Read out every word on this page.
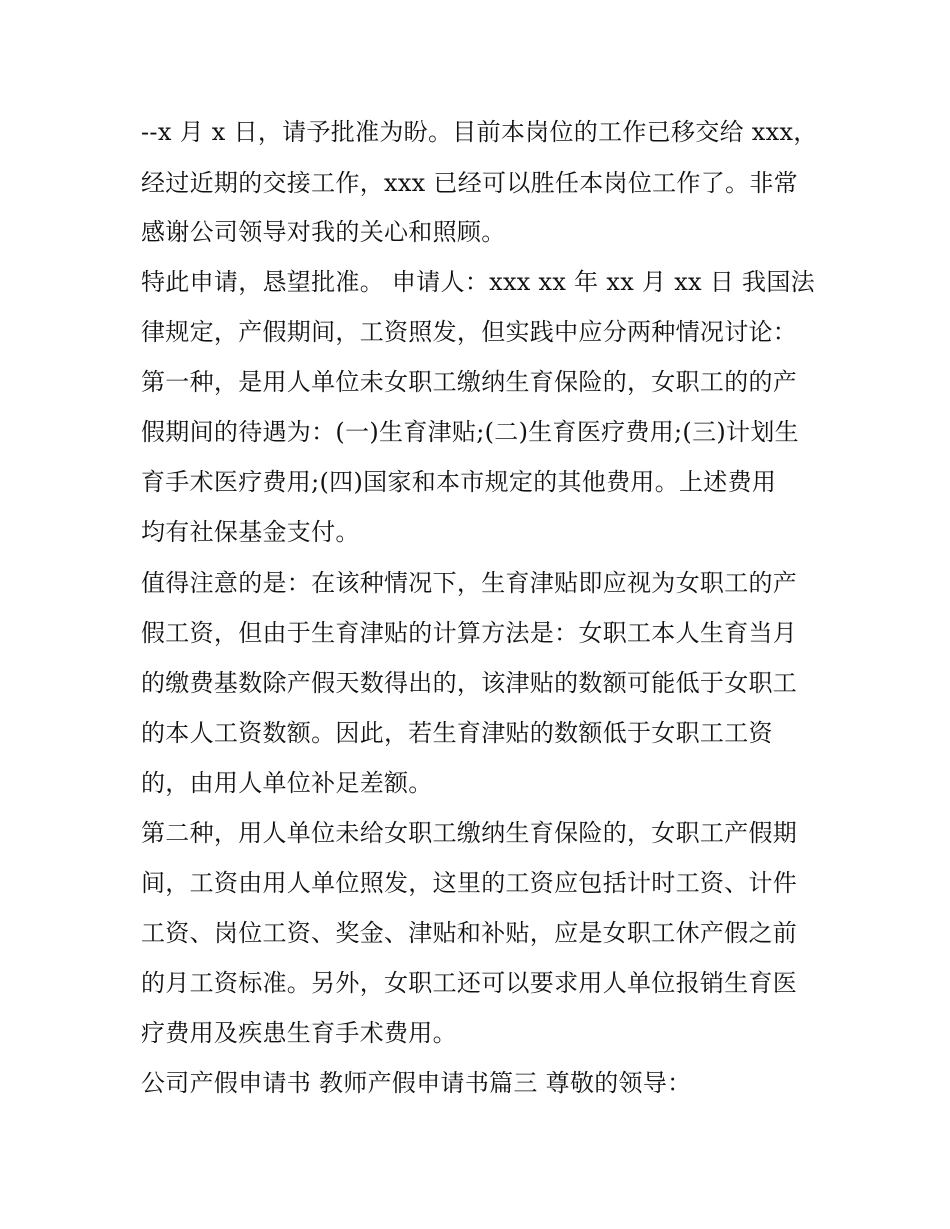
--x 月 x 日，请予批准为盼。目前本岗位的工作已移交给 xxx，
经过近期的交接工作，xxx 已经可以胜任本岗位工作了。非常
感谢公司领导对我的关心和照顾。
特此申请，恳望批准。 申请人：xxx xx 年 xx 月 xx 日 我国法
律规定，产假期间，工资照发，但实践中应分两种情况讨论：
第一种，是用人单位未女职工缴纳生育保险的，女职工的的产
假期间的待遇为：(一)生育津贴;(二)生育医疗费用;(三)计划生
育手术医疗费用;(四)国家和本市规定的其他费用。上述费用
均有社保基金支付。
值得注意的是：在该种情况下，生育津贴即应视为女职工的产
假工资，但由于生育津贴的计算方法是：女职工本人生育当月
的缴费基数除产假天数得出的，该津贴的数额可能低于女职工
的本人工资数额。因此，若生育津贴的数额低于女职工工资
的，由用人单位补足差额。
第二种，用人单位未给女职工缴纳生育保险的，女职工产假期
间，工资由用人单位照发，这里的工资应包括计时工资、计件
工资、岗位工资、奖金、津贴和补贴，应是女职工休产假之前
的月工资标准。另外，女职工还可以要求用人单位报销生育医
疗费用及疾患生育手术费用。
公司产假申请书 教师产假申请书篇三 尊敬的领导：
